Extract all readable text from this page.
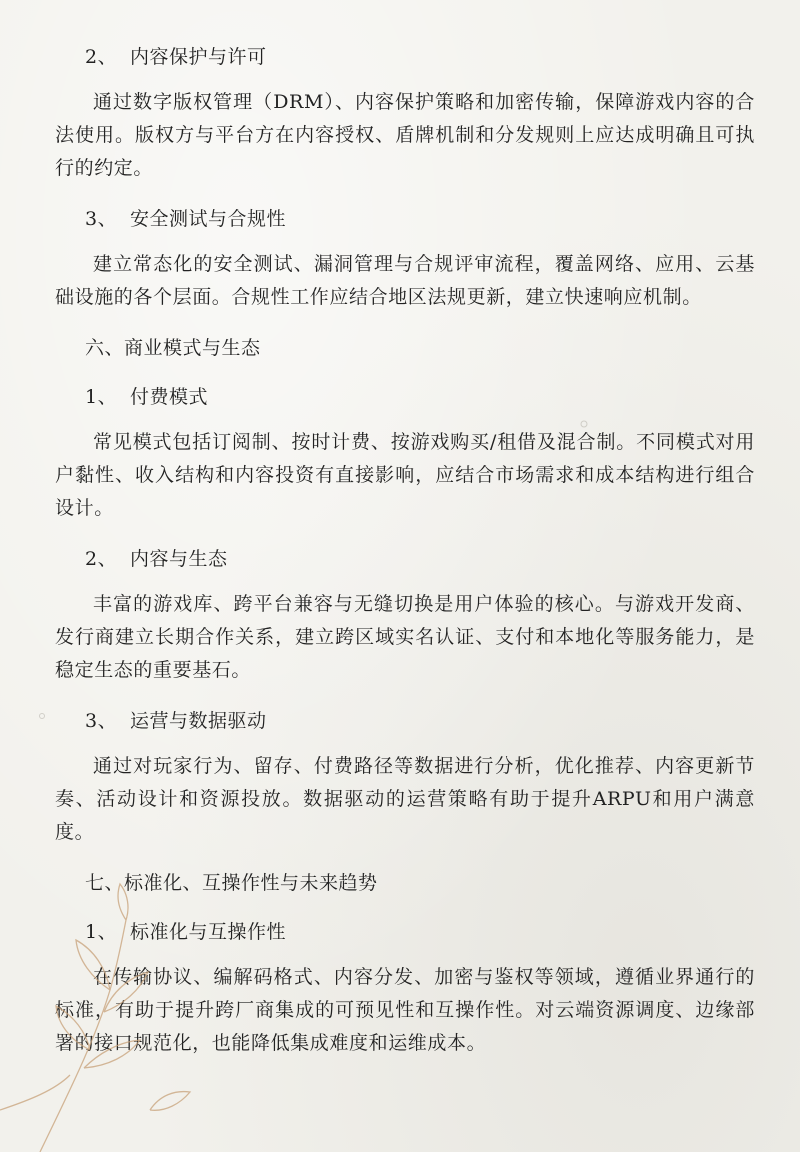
2、 内容保护与许可

通过数字版权管理（DRM）、内容保护策略和加密传输，保障游戏内容的合法使用。版权方与平台方在内容授权、盾牌机制和分发规则上应达成明确且可执行的约定。

3、 安全测试与合规性

建立常态化的安全测试、漏洞管理与合规评审流程，覆盖网络、应用、云基础设施的各个层面。合规性工作应结合地区法规更新，建立快速响应机制。

六、商业模式与生态

1、 付费模式

常见模式包括订阅制、按时计费、按游戏购买/租借及混合制。不同模式对用户黏性、收入结构和内容投资有直接影响，应结合市场需求和成本结构进行组合设计。

2、 内容与生态

丰富的游戏库、跨平台兼容与无缝切换是用户体验的核心。与游戏开发商、发行商建立长期合作关系，建立跨区域实名认证、支付和本地化等服务能力，是稳定生态的重要基石。

3、 运营与数据驱动

通过对玩家行为、留存、付费路径等数据进行分析，优化推荐、内容更新节奏、活动设计和资源投放。数据驱动的运营策略有助于提升ARPU和用户满意度。

七、标准化、互操作性与未来趋势

1、 标准化与互操作性

在传输协议、编解码格式、内容分发、加密与鉴权等领域，遵循业界通行的标准，有助于提升跨厂商集成的可预见性和互操作性。对云端资源调度、边缘部署的接口规范化，也能降低集成难度和运维成本。
